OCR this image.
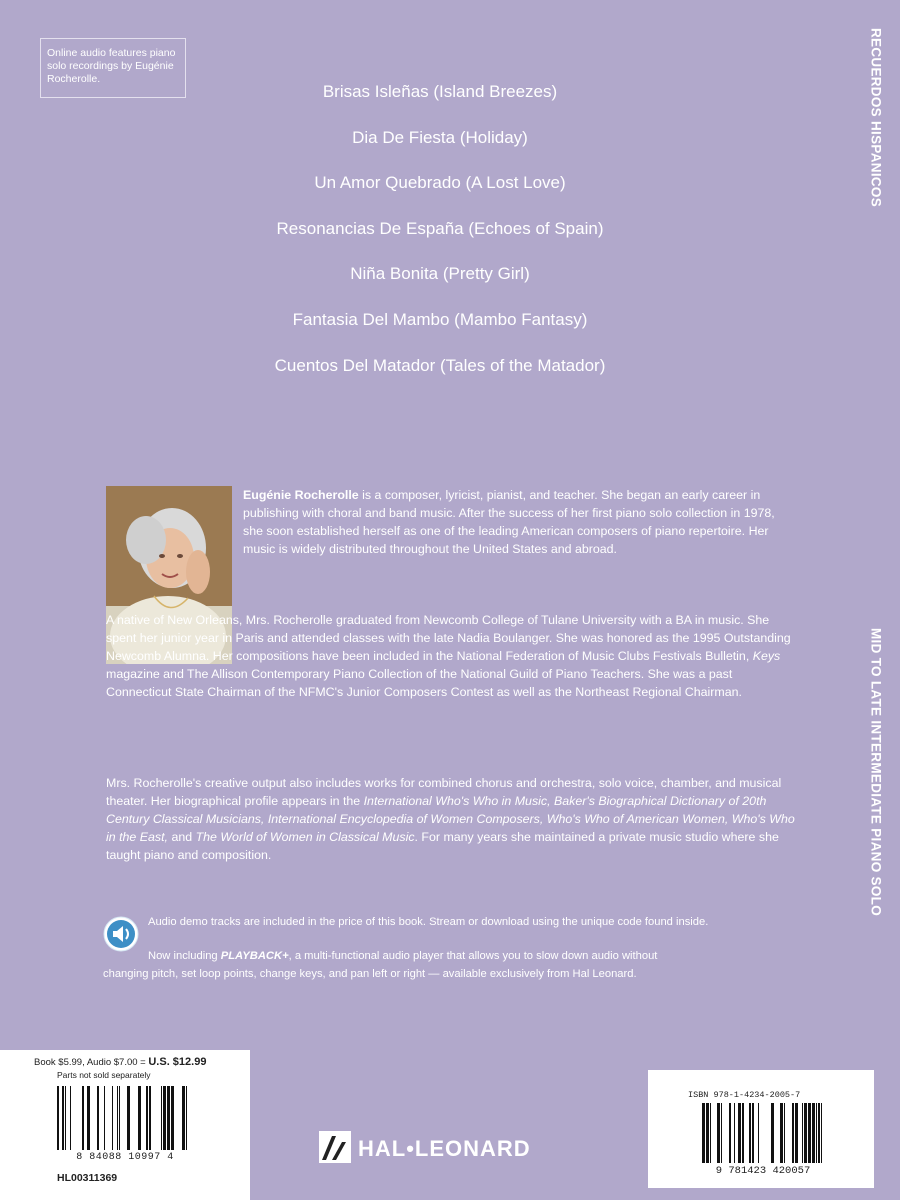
Online audio features piano solo recordings by Eugénie Rocherolle.	RECUERDOS HISPANICOS
MID TO LATE INTERMEDIATE PIANO SOLO
Brisas Isleñas (Island Breezes)
Dia De Fiesta (Holiday)
Un Amor Quebrado (A Lost Love)
Resonancias De España (Echoes of Spain)
Niña Bonita (Pretty Girl)
Fantasia Del Mambo (Mambo Fantasy)
Cuentos Del Matador (Tales of the Matador)

Eugénie Rocherolle is a composer, lyricist, pianist, and teacher. She began an early career in publishing with choral and band music. After the success of her first piano solo collection in 1978, she soon established herself as one of the leading American composers of piano repertoire. Her music is widely distributed throughout the United States and abroad.

A native of New Orleans, Mrs. Rocherolle graduated from Newcomb College of Tulane University with a BA in music. She spent her junior year in Paris and attended classes with the late Nadia Boulanger. She was honored as the 1995 Outstanding Newcomb Alumna. Her compositions have been included in the National Federation of Music Clubs Festivals Bulletin, Keys magazine and The Allison Contemporary Piano Collection of the National Guild of Piano Teachers. She was a past Connecticut State Chairman of the NFMC's Junior Composers Contest as well as the Northeast Regional Chairman.

Mrs. Rocherolle's creative output also includes works for combined chorus and orchestra, solo voice, chamber, and musical theater. Her biographical profile appears in the International Who's Who in Music, Baker's Biographical Dictionary of 20th Century Classical Musicians, International Encyclopedia of Women Composers, Who's Who of American Women, Who's Who in the East, and The World of Women in Classical Music. For many years she maintained a private music studio where she taught piano and composition.

Audio demo tracks are included in the price of this book. Stream or download using the unique code found inside.

Now including PLAYBACK+, a multi-functional audio player that allows you to slow down audio without

changing pitch, set loop points, change keys, and pan left or right — available exclusively from Hal Leonard.

Book $5.99, Audio $7.00 = U.S. $12.99
Parts not sold separately
8 84088 10997 4
HL00311369
HAL•LEONARD
ISBN 978-1-4234-2005-7
9 781423 420057
